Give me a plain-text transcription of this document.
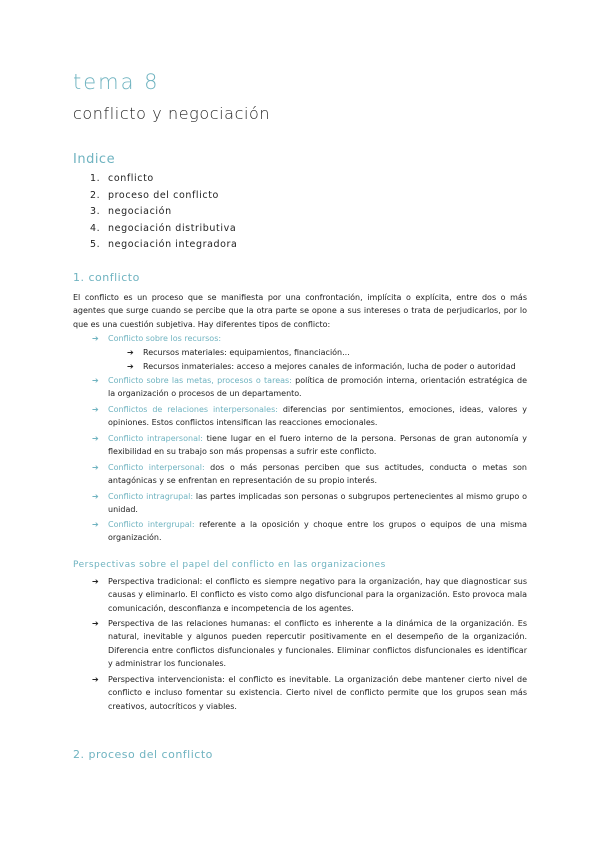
tema 8
conflicto y negociación
Indice
1. conflicto
2. proceso del conflicto
3. negociación
4. negociación distributiva
5. negociación integradora
1. conflicto

El conflicto es un proceso que se manifiesta por una confrontación, implícita o explícita, entre dos o más agentes que surge cuando se percibe que la otra parte se opone a sus intereses o trata de perjudicarlos, por lo que es una cuestión subjetiva. Hay diferentes tipos de conflicto:

➔ Conflicto sobre los recursos:
➔ Recursos materiales: equipamientos, financiación...
➔ Recursos inmateriales: acceso a mejores canales de información, lucha de poder o autoridad
➔ Conflicto sobre las metas, procesos o tareas: política de promoción interna, orientación estratégica de la organización o procesos de un departamento.
➔ Conflictos de relaciones interpersonales: diferencias por sentimientos, emociones, ideas, valores y opiniones. Estos conflictos intensifican las reacciones emocionales.
➔ Conflicto intrapersonal: tiene lugar en el fuero interno de la persona. Personas de gran autonomía y flexibilidad en su trabajo son más propensas a sufrir este conflicto.
➔ Conflicto interpersonal: dos o más personas perciben que sus actitudes, conducta o metas son antagónicas y se enfrentan en representación de su propio interés.
➔ Conflicto intragrupal: las partes implicadas son personas o subgrupos pertenecientes al mismo grupo o unidad.
➔ Conflicto intergrupal: referente a la oposición y choque entre los grupos o equipos de una misma organización.
Perspectivas sobre el papel del conflicto en las organizaciones
➔ Perspectiva tradicional: el conflicto es siempre negativo para la organización, hay que diagnosticar sus causas y eliminarlo. El conflicto es visto como algo disfuncional para la organización. Esto provoca mala comunicación, desconfianza e incompetencia de los agentes.
➔ Perspectiva de las relaciones humanas: el conflicto es inherente a la dinámica de la organización. Es natural, inevitable y algunos pueden repercutir positivamente en el desempeño de la organización. Diferencia entre conflictos disfuncionales y funcionales. Eliminar conflictos disfuncionales es identificar y administrar los funcionales.
➔ Perspectiva intervencionista: el conflicto es inevitable. La organización debe mantener cierto nivel de conflicto e incluso fomentar su existencia. Cierto nivel de conflicto permite que los grupos sean más creativos, autocríticos y viables.
2. proceso del conflicto
